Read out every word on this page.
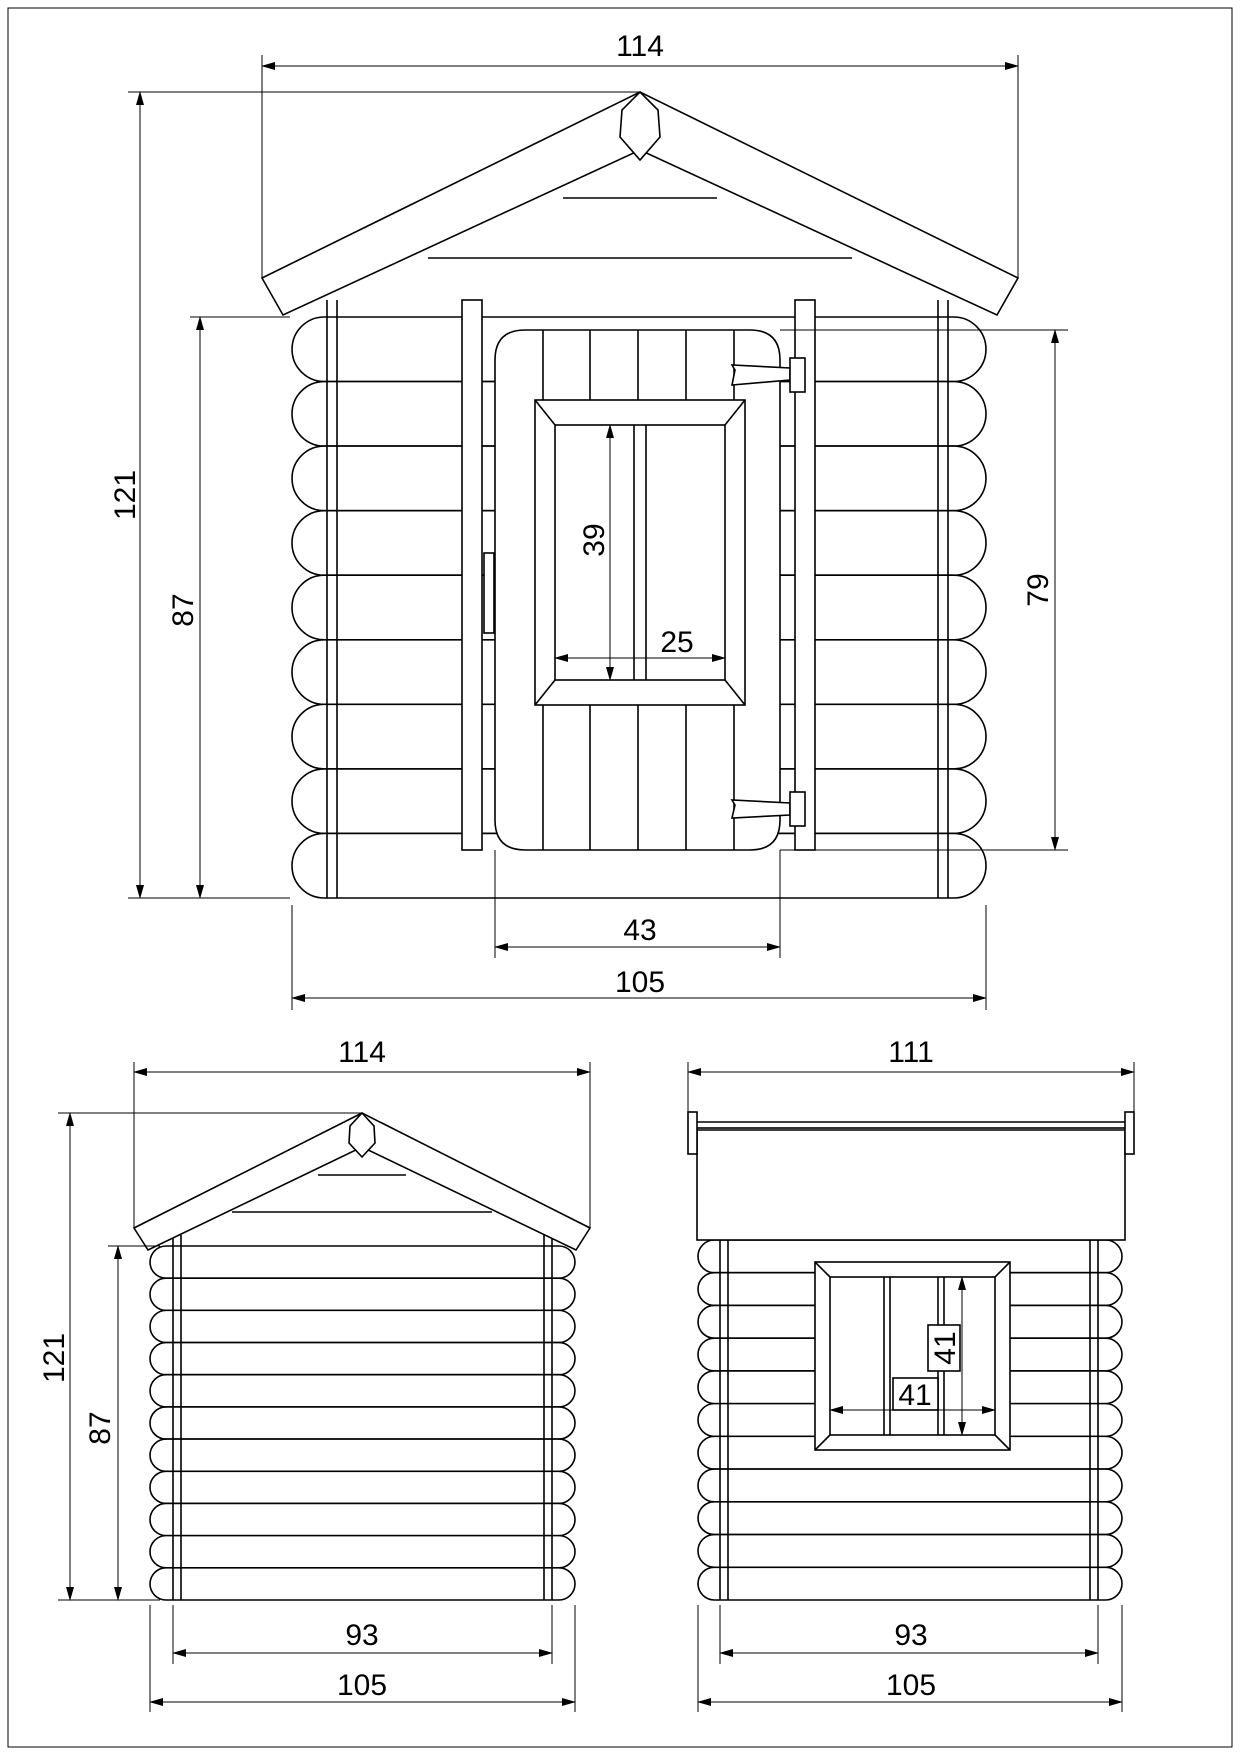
114
121
87
79
39
25
43
105
114
121
87
93
105
111
41
41
93
105
